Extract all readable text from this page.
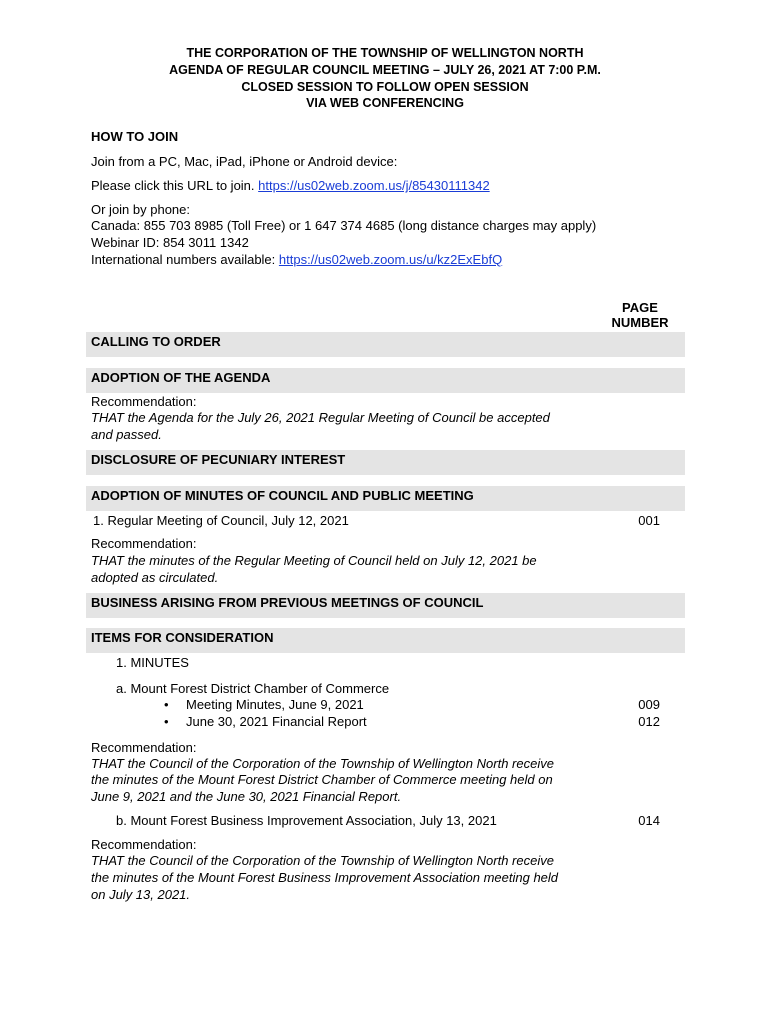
THE CORPORATION OF THE TOWNSHIP OF WELLINGTON NORTH
AGENDA OF REGULAR COUNCIL MEETING – JULY 26, 2021 AT 7:00 P.M.
CLOSED SESSION TO FOLLOW OPEN SESSION
VIA WEB CONFERENCING
HOW TO JOIN
Join from a PC, Mac, iPad, iPhone or Android device:
Please click this URL to join. https://us02web.zoom.us/j/85430111342
Or join by phone:
Canada: 855 703 8985 (Toll Free) or 1 647 374 4685 (long distance charges may apply)
Webinar ID: 854 3011 1342
International numbers available: https://us02web.zoom.us/u/kz2ExEbfQ
PAGE
NUMBER
CALLING TO ORDER
ADOPTION OF THE AGENDA
Recommendation:
THAT the Agenda for the July 26, 2021 Regular Meeting of Council be accepted
and passed.
DISCLOSURE OF PECUNIARY INTEREST
ADOPTION OF MINUTES OF COUNCIL AND PUBLIC MEETING
1. Regular Meeting of Council, July 12, 2021	001
Recommendation:
THAT the minutes of the Regular Meeting of Council held on July 12, 2021 be
adopted as circulated.
BUSINESS ARISING FROM PREVIOUS MEETINGS OF COUNCIL
ITEMS FOR CONSIDERATION
1. MINUTES
a. Mount Forest District Chamber of Commerce
• Meeting Minutes, June 9, 2021	009
• June 30, 2021 Financial Report	012
Recommendation:
THAT the Council of the Corporation of the Township of Wellington North receive
the minutes of the Mount Forest District Chamber of Commerce meeting held on
June 9, 2021 and the June 30, 2021 Financial Report.
b. Mount Forest Business Improvement Association, July 13, 2021	014
Recommendation:
THAT the Council of the Corporation of the Township of Wellington North receive
the minutes of the Mount Forest Business Improvement Association meeting held
on July 13, 2021.
